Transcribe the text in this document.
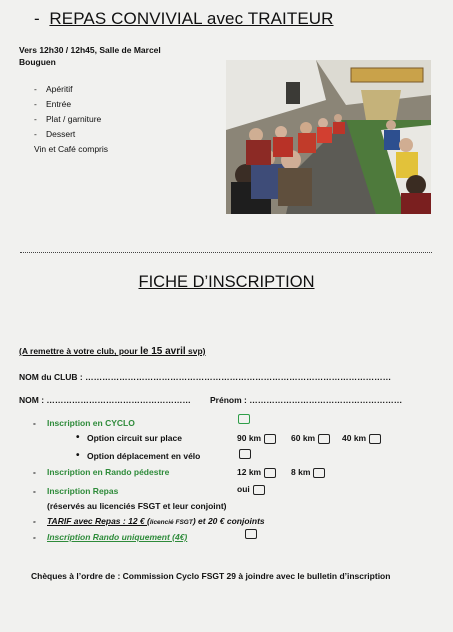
- REPAS CONVIVIAL avec TRAITEUR
Vers 12h30 / 12h45, Salle de Marcel
Bouguen
- Apéritif
- Entrée
- Plat / garniture
- Dessert
Vin et Café compris
FICHE D’INSCRIPTION
(A remettre à votre club, pour le 15 avril svp)
NOM du CLUB : ………………………………………………………………………………………………
NOM : …………………………………………… Prénom : ………………………………………………
- Inscription en CYCLO
• Option circuit sur place	90 km	60 km	40 km
• Option déplacement en vélo
- Inscription en Rando pédestre	12 km	8 km
- Inscription Repas	oui
(réservés au licenciés FSGT et leur conjoint)
- TARIF avec Repas : 12 € (licencié FSGT) et 20 € conjoints
- Inscription Rando uniquement (4€)
Chèques à l’ordre de : Commission Cyclo FSGT 29 à joindre avec le bulletin d’inscription
